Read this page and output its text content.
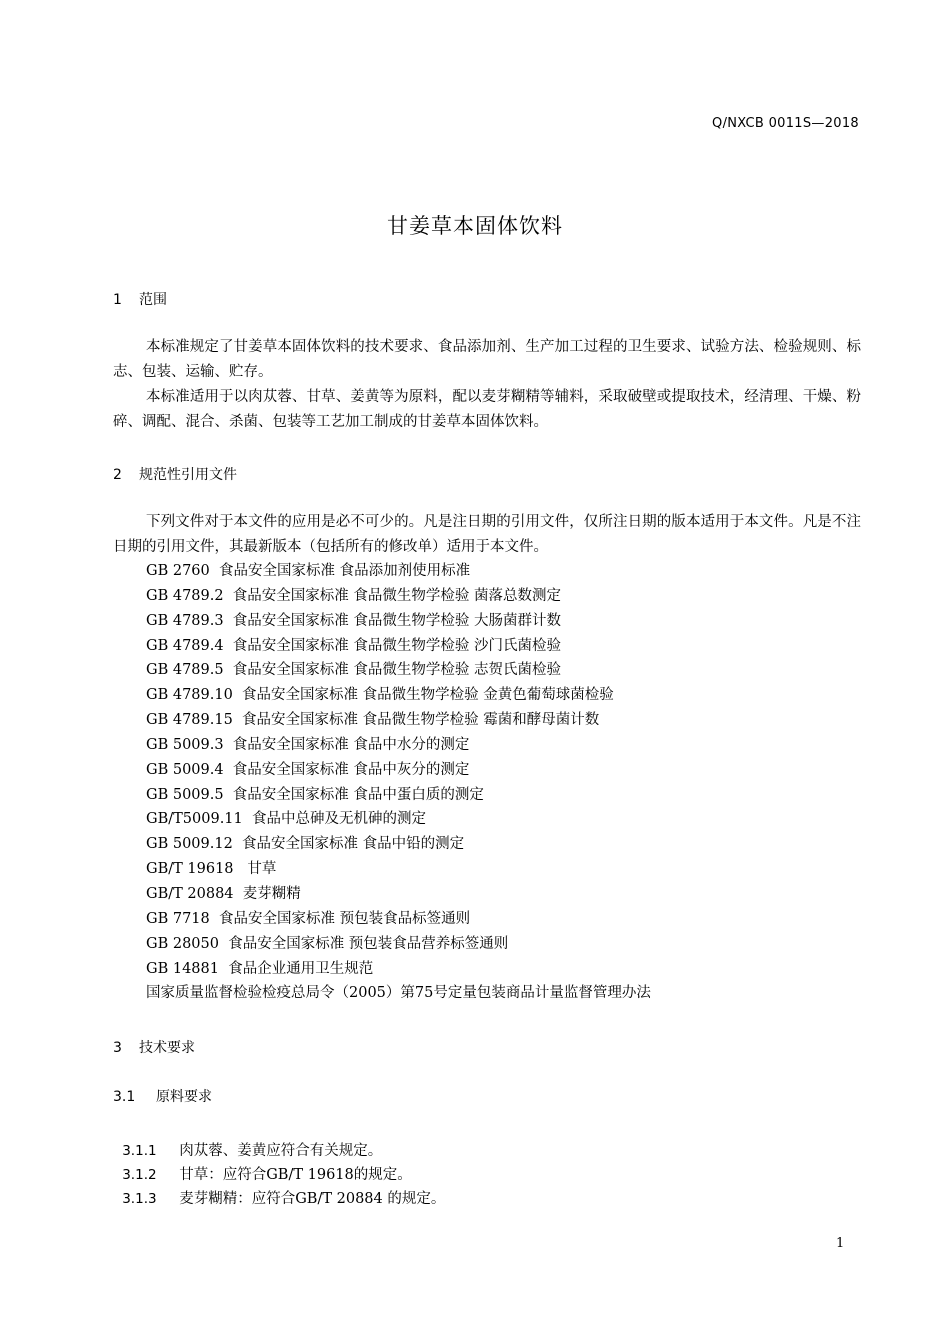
Q/NXCB 0011S—2018
甘姜草本固体饮料
1 范围
本标准规定了甘姜草本固体饮料的技术要求、食品添加剂、生产加工过程的卫生要求、试验方法、检验规则、标志、包装、运输、贮存。
本标准适用于以肉苁蓉、甘草、姜黄等为原料，配以麦芽糊精等辅料，采取破壁或提取技术，经清理、干燥、粉碎、调配、混合、杀菌、包装等工艺加工制成的甘姜草本固体饮料。
2 规范性引用文件
下列文件对于本文件的应用是必不可少的。凡是注日期的引用文件，仅所注日期的版本适用于本文件。凡是不注日期的引用文件，其最新版本（包括所有的修改单）适用于本文件。
GB 2760  食品安全国家标准 食品添加剂使用标准
GB 4789.2  食品安全国家标准 食品微生物学检验 菌落总数测定
GB 4789.3  食品安全国家标准 食品微生物学检验 大肠菌群计数
GB 4789.4  食品安全国家标准 食品微生物学检验 沙门氏菌检验
GB 4789.5  食品安全国家标准 食品微生物学检验 志贺氏菌检验
GB 4789.10  食品安全国家标准 食品微生物学检验 金黄色葡萄球菌检验
GB 4789.15  食品安全国家标准 食品微生物学检验 霉菌和酵母菌计数
GB 5009.3  食品安全国家标准 食品中水分的测定
GB 5009.4  食品安全国家标准 食品中灰分的测定
GB 5009.5  食品安全国家标准 食品中蛋白质的测定
GB/T5009.11  食品中总砷及无机砷的测定
GB 5009.12  食品安全国家标准 食品中铅的测定
GB/T 19618   甘草
GB/T 20884  麦芽糊精
GB 7718  食品安全国家标准 预包装食品标签通则
GB 28050  食品安全国家标准 预包装食品营养标签通则
GB 14881  食品企业通用卫生规范
国家质量监督检验检疫总局令（2005）第75号定量包装商品计量监督管理办法
3 技术要求
3.1 原料要求

3.1.1 肉苁蓉、姜黄应符合有关规定。

3.1.2 甘草：应符合GB/T 19618的规定。

3.1.3 麦芽糊精：应符合GB/T 20884 的规定。

1
